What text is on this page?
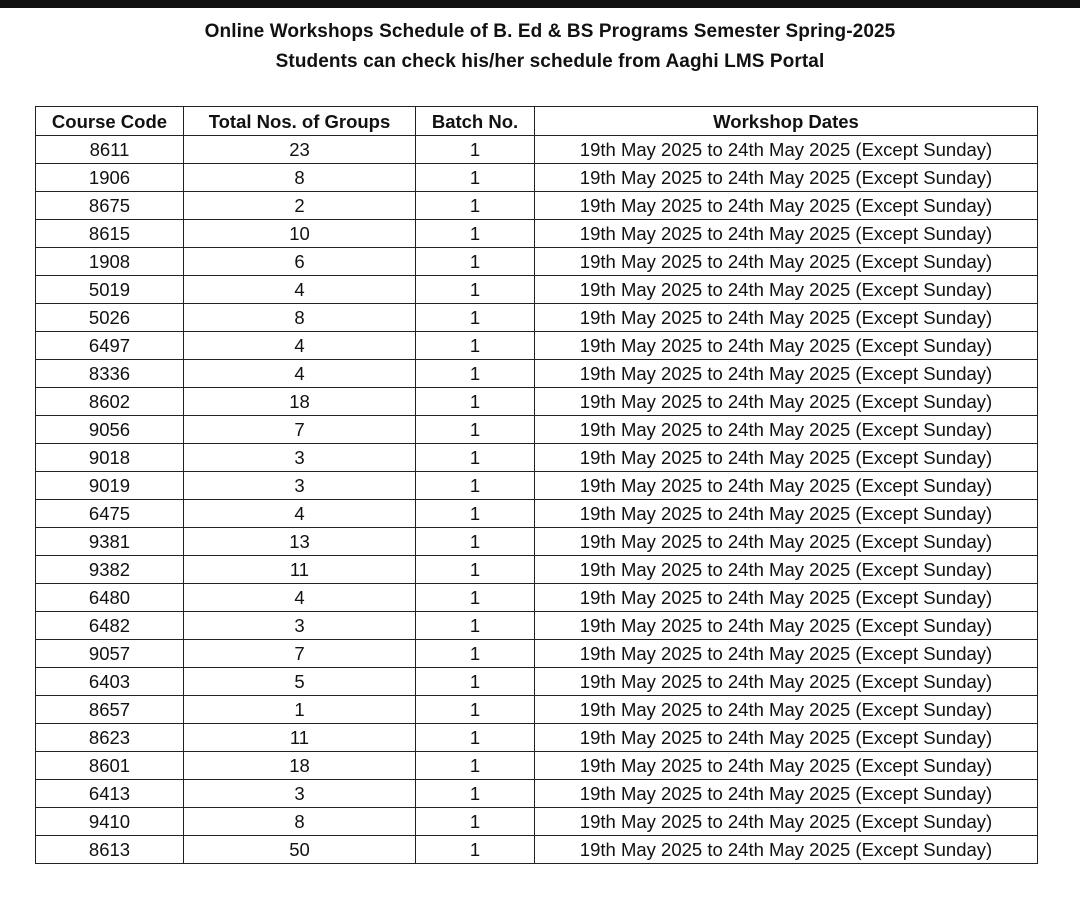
Online Workshops Schedule of B. Ed & BS Programs Semester Spring-2025
Students can check his/her schedule from Aaghi LMS Portal
Course Code	Total Nos. of Groups	Batch No.	Workshop Dates
8611	23	1	19th May 2025 to 24th May 2025 (Except Sunday)
1906	8	1	19th May 2025 to 24th May 2025 (Except Sunday)
8675	2	1	19th May 2025 to 24th May 2025 (Except Sunday)
8615	10	1	19th May 2025 to 24th May 2025 (Except Sunday)
1908	6	1	19th May 2025 to 24th May 2025 (Except Sunday)
5019	4	1	19th May 2025 to 24th May 2025 (Except Sunday)
5026	8	1	19th May 2025 to 24th May 2025 (Except Sunday)
6497	4	1	19th May 2025 to 24th May 2025 (Except Sunday)
8336	4	1	19th May 2025 to 24th May 2025 (Except Sunday)
8602	18	1	19th May 2025 to 24th May 2025 (Except Sunday)
9056	7	1	19th May 2025 to 24th May 2025 (Except Sunday)
9018	3	1	19th May 2025 to 24th May 2025 (Except Sunday)
9019	3	1	19th May 2025 to 24th May 2025 (Except Sunday)
6475	4	1	19th May 2025 to 24th May 2025 (Except Sunday)
9381	13	1	19th May 2025 to 24th May 2025 (Except Sunday)
9382	11	1	19th May 2025 to 24th May 2025 (Except Sunday)
6480	4	1	19th May 2025 to 24th May 2025 (Except Sunday)
6482	3	1	19th May 2025 to 24th May 2025 (Except Sunday)
9057	7	1	19th May 2025 to 24th May 2025 (Except Sunday)
6403	5	1	19th May 2025 to 24th May 2025 (Except Sunday)
8657	1	1	19th May 2025 to 24th May 2025 (Except Sunday)
8623	11	1	19th May 2025 to 24th May 2025 (Except Sunday)
8601	18	1	19th May 2025 to 24th May 2025 (Except Sunday)
6413	3	1	19th May 2025 to 24th May 2025 (Except Sunday)
9410	8	1	19th May 2025 to 24th May 2025 (Except Sunday)
8613	50	1	19th May 2025 to 24th May 2025 (Except Sunday)
